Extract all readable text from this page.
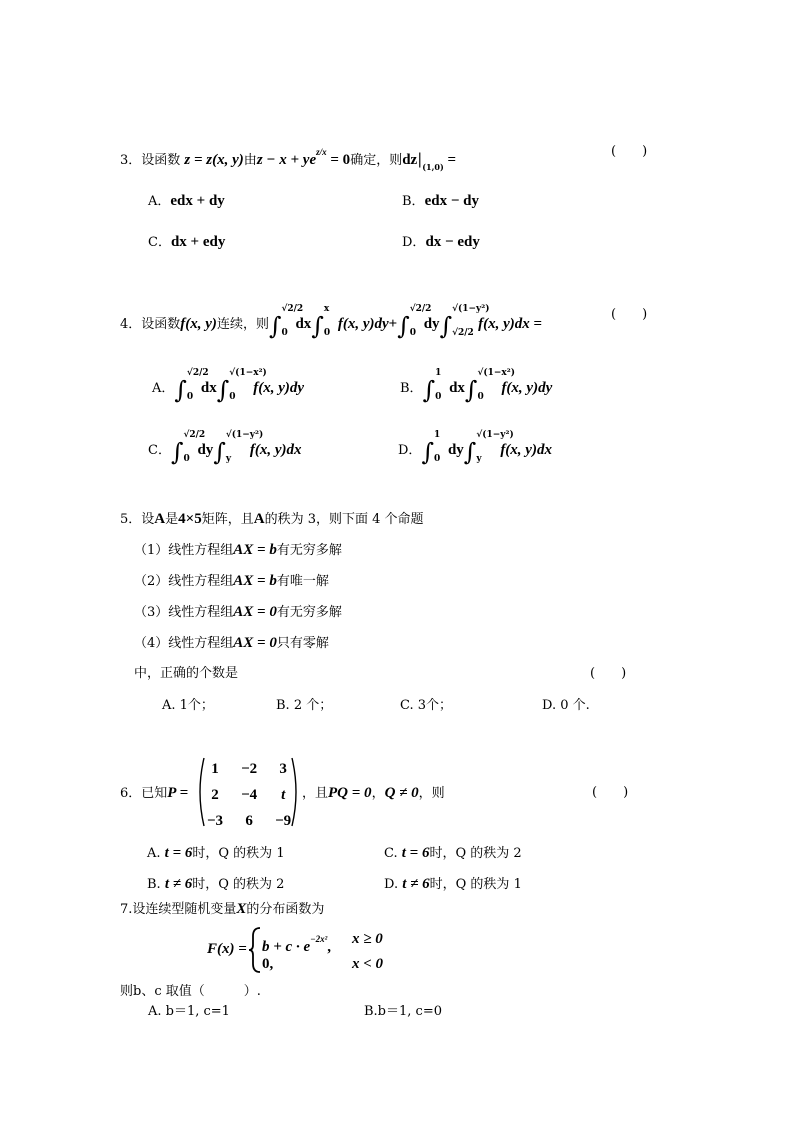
3．设函数 z = z(x, y)由$z - x + ye^{z/x} = 0$确定，则$dz|_{(1,0)}$ =
(　　)
A．edx + dy	B．edx − dy
C．dx + edy	D．dx − edy
4．设函数f(x, y)连续，则∫
√2/2
0
dx∫
x
0
f(x, y)dy+∫
√2/2
0
dy∫
√(1−y²)
√2/2
f(x, y)dx =
(　　)
A．∫
√2/2
0
dx∫
√(1−x²)
0
f(x, y)dy	B．∫
1
0
dx∫
√(1−x²)
0
f(x, y)dy
C．∫
√2/2
0
dy∫
√(1−y²)
y
f(x, y)dx	D．∫
1
0
dy∫
√(1−y²)
y
f(x, y)dx
5．设A是4×5矩阵，且A的秩为 3，则下面 4 个命题
（1）线性方程组AX = b有无穷多解
（2）线性方程组AX = b有唯一解
（3）线性方程组AX = 0有无穷多解
（4）线性方程组AX = 0只有零解
中，正确的个数是	(　　)
A. 1个；	B. 2 个；	C. 3个；	D. 0 个.
6．已知P =
1	−2	3
2	−4	t
−3	6	−9
，且PQ = 0，Q ≠ 0，则	(　　)
A. t = 6时，Q 的秩为 1	C. t = 6时，Q 的秩为 2
B. t ≠ 6时，Q 的秩为 2	D. t ≠ 6时，Q 的秩为 1
7.设连续型随机变量X的分布函数为
$F(x) = b + c \cdot e^{-2x^2}$, x ≥ 0
0,	x < 0
则b、c 取值（　　　）.
A. b＝1, c=1	B.b＝1, c=0
